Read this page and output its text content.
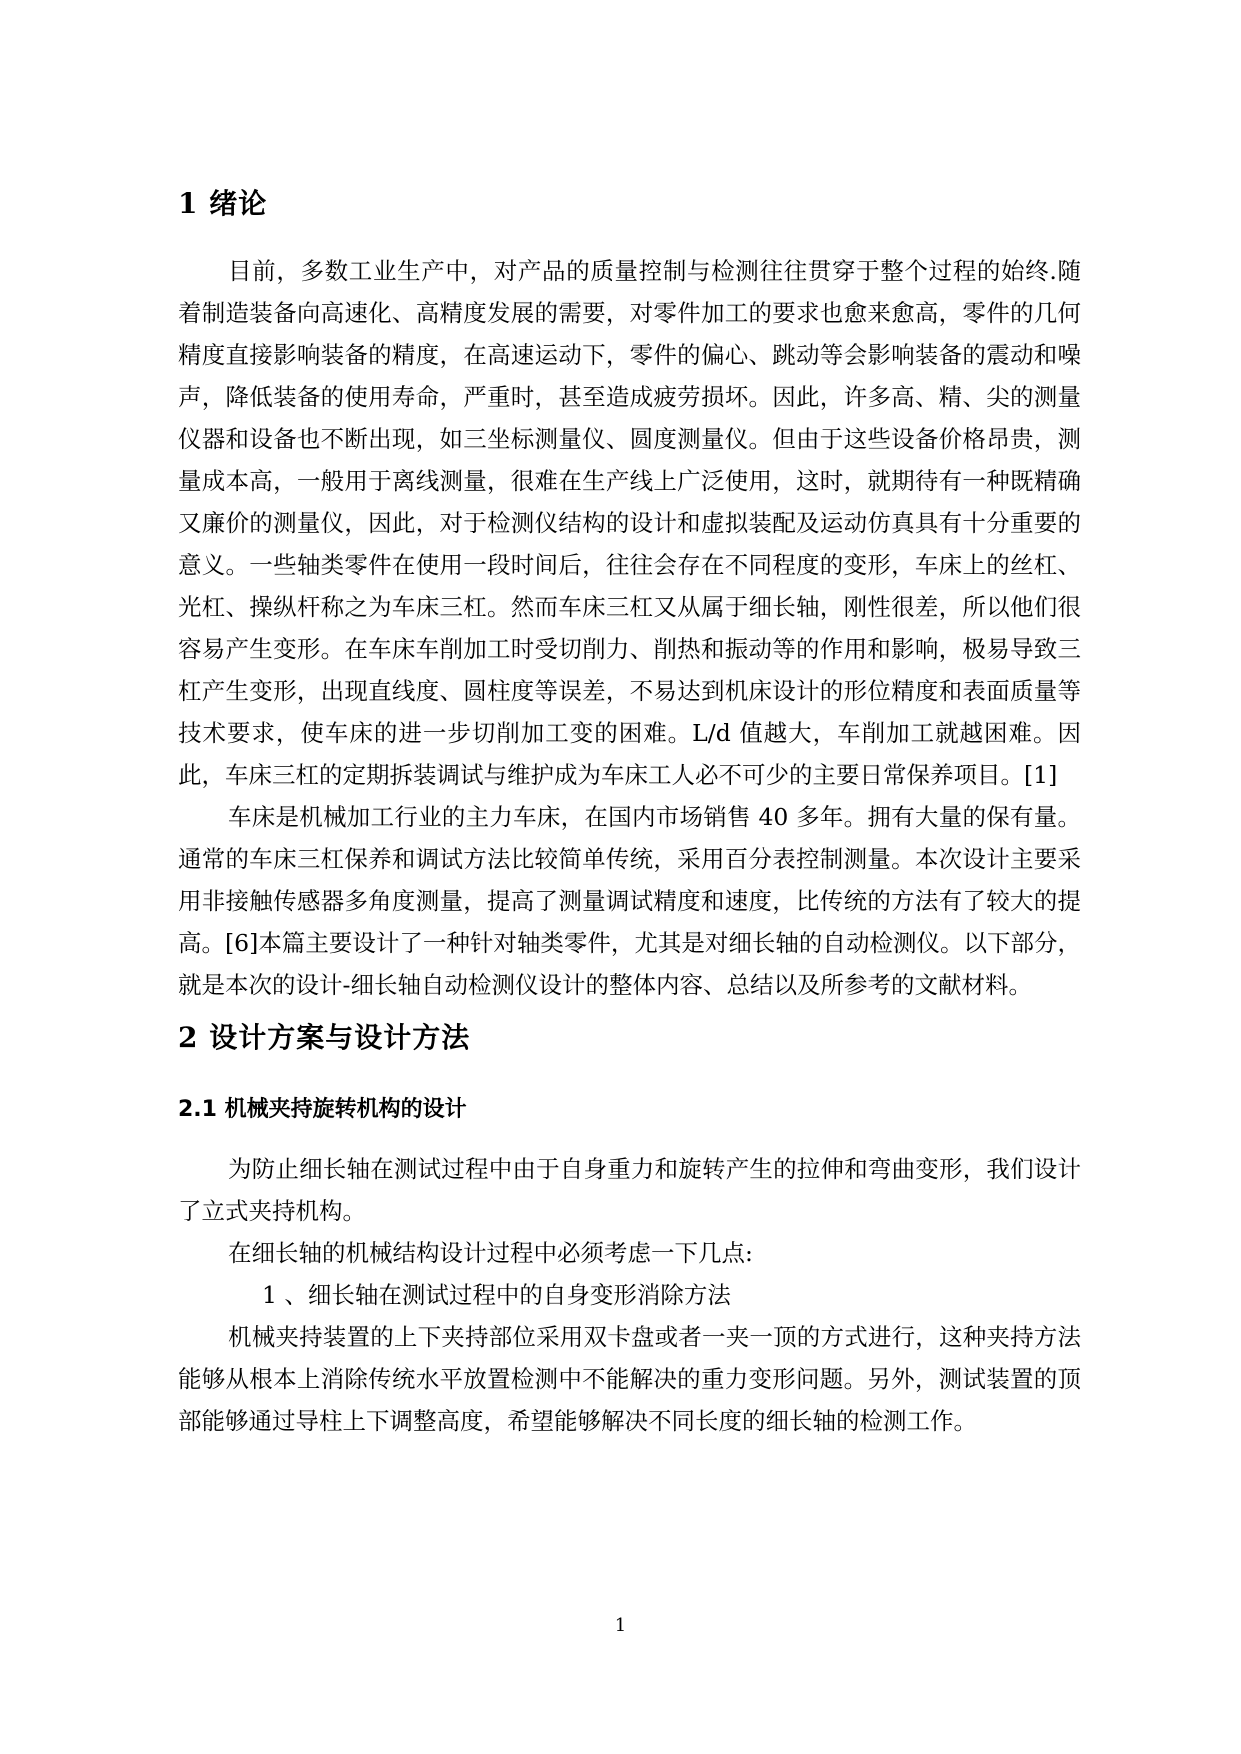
1 绪论

目前，多数工业生产中，对产品的质量控制与检测往往贯穿于整个过程的始终.随着制造装备向高速化、高精度发展的需要，对零件加工的要求也愈来愈高，零件的几何精度直接影响装备的精度，在高速运动下，零件的偏心、跳动等会影响装备的震动和噪声，降低装备的使用寿命，严重时，甚至造成疲劳损坏。因此，许多高、精、尖的测量仪器和设备也不断出现，如三坐标测量仪、圆度测量仪。但由于这些设备价格昂贵，测量成本高，一般用于离线测量，很难在生产线上广泛使用，这时，就期待有一种既精确又廉价的测量仪，因此，对于检测仪结构的设计和虚拟装配及运动仿真具有十分重要的意义。一些轴类零件在使用一段时间后，往往会存在不同程度的变形，车床上的丝杠、光杠、操纵杆称之为车床三杠。然而车床三杠又从属于细长轴，刚性很差，所以他们很容易产生变形。在车床车削加工时受切削力、削热和振动等的作用和影响，极易导致三杠产生变形，出现直线度、圆柱度等误差，不易达到机床设计的形位精度和表面质量等技术要求，使车床的进一步切削加工变的困难。L/d 值越大，车削加工就越困难。因此，车床三杠的定期拆装调试与维护成为车床工人必不可少的主要日常保养项目。[1]

车床是机械加工行业的主力车床，在国内市场销售 40 多年。拥有大量的保有量。通常的车床三杠保养和调试方法比较简单传统，采用百分表控制测量。本次设计主要采用非接触传感器多角度测量，提高了测量调试精度和速度，比传统的方法有了较大的提高。[6]本篇主要设计了一种针对轴类零件，尤其是对细长轴的自动检测仪。以下部分，就是本次的设计-细长轴自动检测仪设计的整体内容、总结以及所参考的文献材料。

2 设计方案与设计方法
2.1 机械夹持旋转机构的设计

为防止细长轴在测试过程中由于自身重力和旋转产生的拉伸和弯曲变形，我们设计了立式夹持机构。

在细长轴的机械结构设计过程中必须考虑一下几点:

1 、细长轴在测试过程中的自身变形消除方法

机械夹持装置的上下夹持部位采用双卡盘或者一夹一顶的方式进行，这种夹持方法能够从根本上消除传统水平放置检测中不能解决的重力变形问题。另外，测试装置的顶部能够通过导柱上下调整高度，希望能够解决不同长度的细长轴的检测工作。

1
